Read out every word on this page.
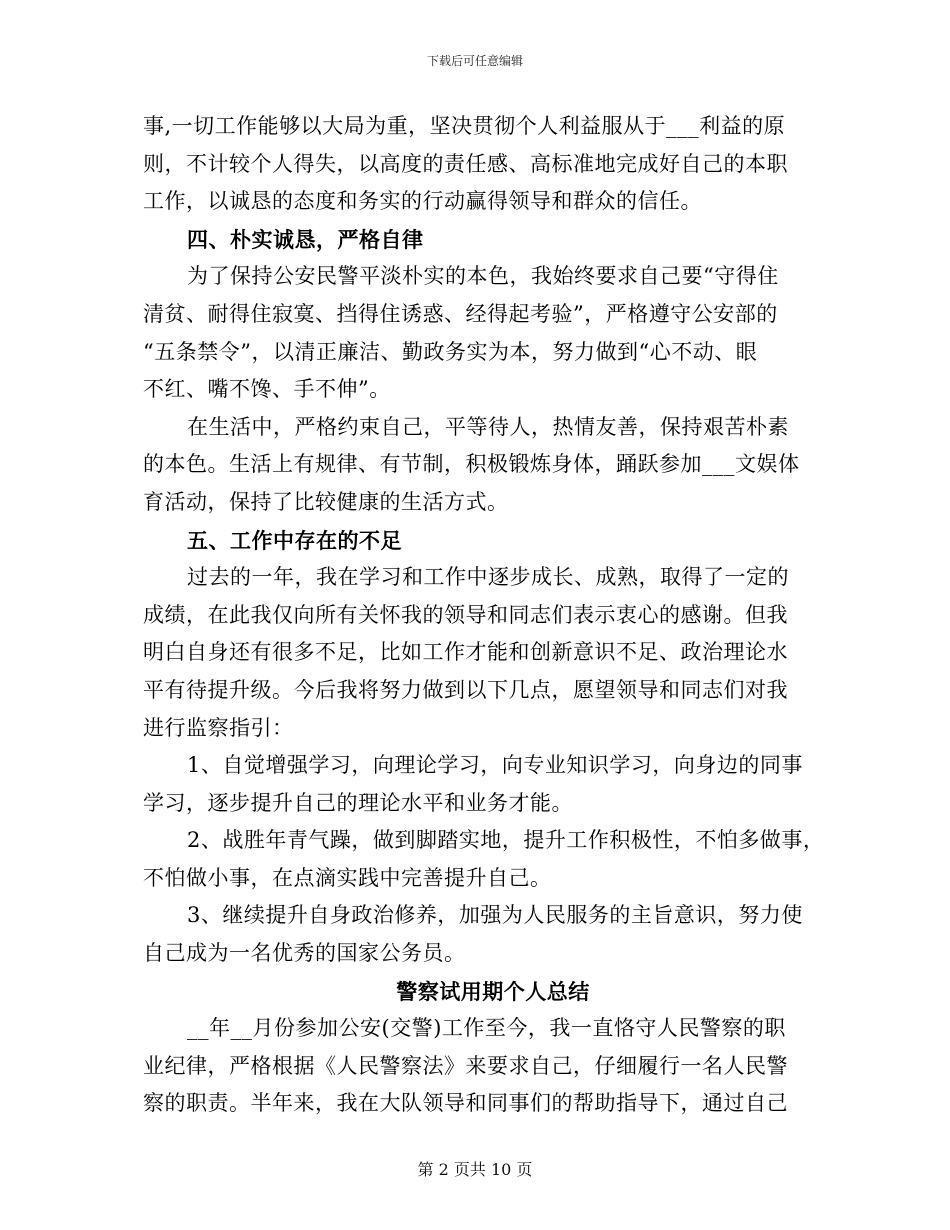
下载后可任意编辑
事,一切工作能够以大局为重，坚决贯彻个人利益服从于___利益的原
则，不计较个人得失，以高度的责任感、高标准地完成好自己的本职
工作，以诚恳的态度和务实的行动赢得领导和群众的信任。
四、朴实诚恳，严格自律
为了保持公安民警平淡朴实的本色，我始终要求自己要“守得住
清贫、耐得住寂寞、挡得住诱惑、经得起考验”，严格遵守公安部的
“五条禁令”，以清正廉洁、勤政务实为本，努力做到“心不动、眼
不红、嘴不馋、手不伸”。
在生活中，严格约束自己，平等待人，热情友善，保持艰苦朴素
的本色。生活上有规律、有节制，积极锻炼身体，踊跃参加___文娱体
育活动，保持了比较健康的生活方式。
五、工作中存在的不足
过去的一年，我在学习和工作中逐步成长、成熟，取得了一定的
成绩，在此我仅向所有关怀我的领导和同志们表示衷心的感谢。但我
明白自身还有很多不足，比如工作才能和创新意识不足、政治理论水
平有待提升级。今后我将努力做到以下几点，愿望领导和同志们对我
进行监察指引：
1、自觉增强学习，向理论学习，向专业知识学习，向身边的同事
学习，逐步提升自己的理论水平和业务才能。
2、战胜年青气躁，做到脚踏实地，提升工作积极性，不怕多做事，
不怕做小事，在点滴实践中完善提升自己。
3、继续提升自身政治修养，加强为人民服务的主旨意识，努力使
自己成为一名优秀的国家公务员。
警察试用期个人总结
__年__月份参加公安(交警)工作至今，我一直恪守人民警察的职
业纪律，严格根据《人民警察法》来要求自己，仔细履行一名人民警
察的职责。半年来，我在大队领导和同事们的帮助指导下，通过自己
第 2 页共 10 页
